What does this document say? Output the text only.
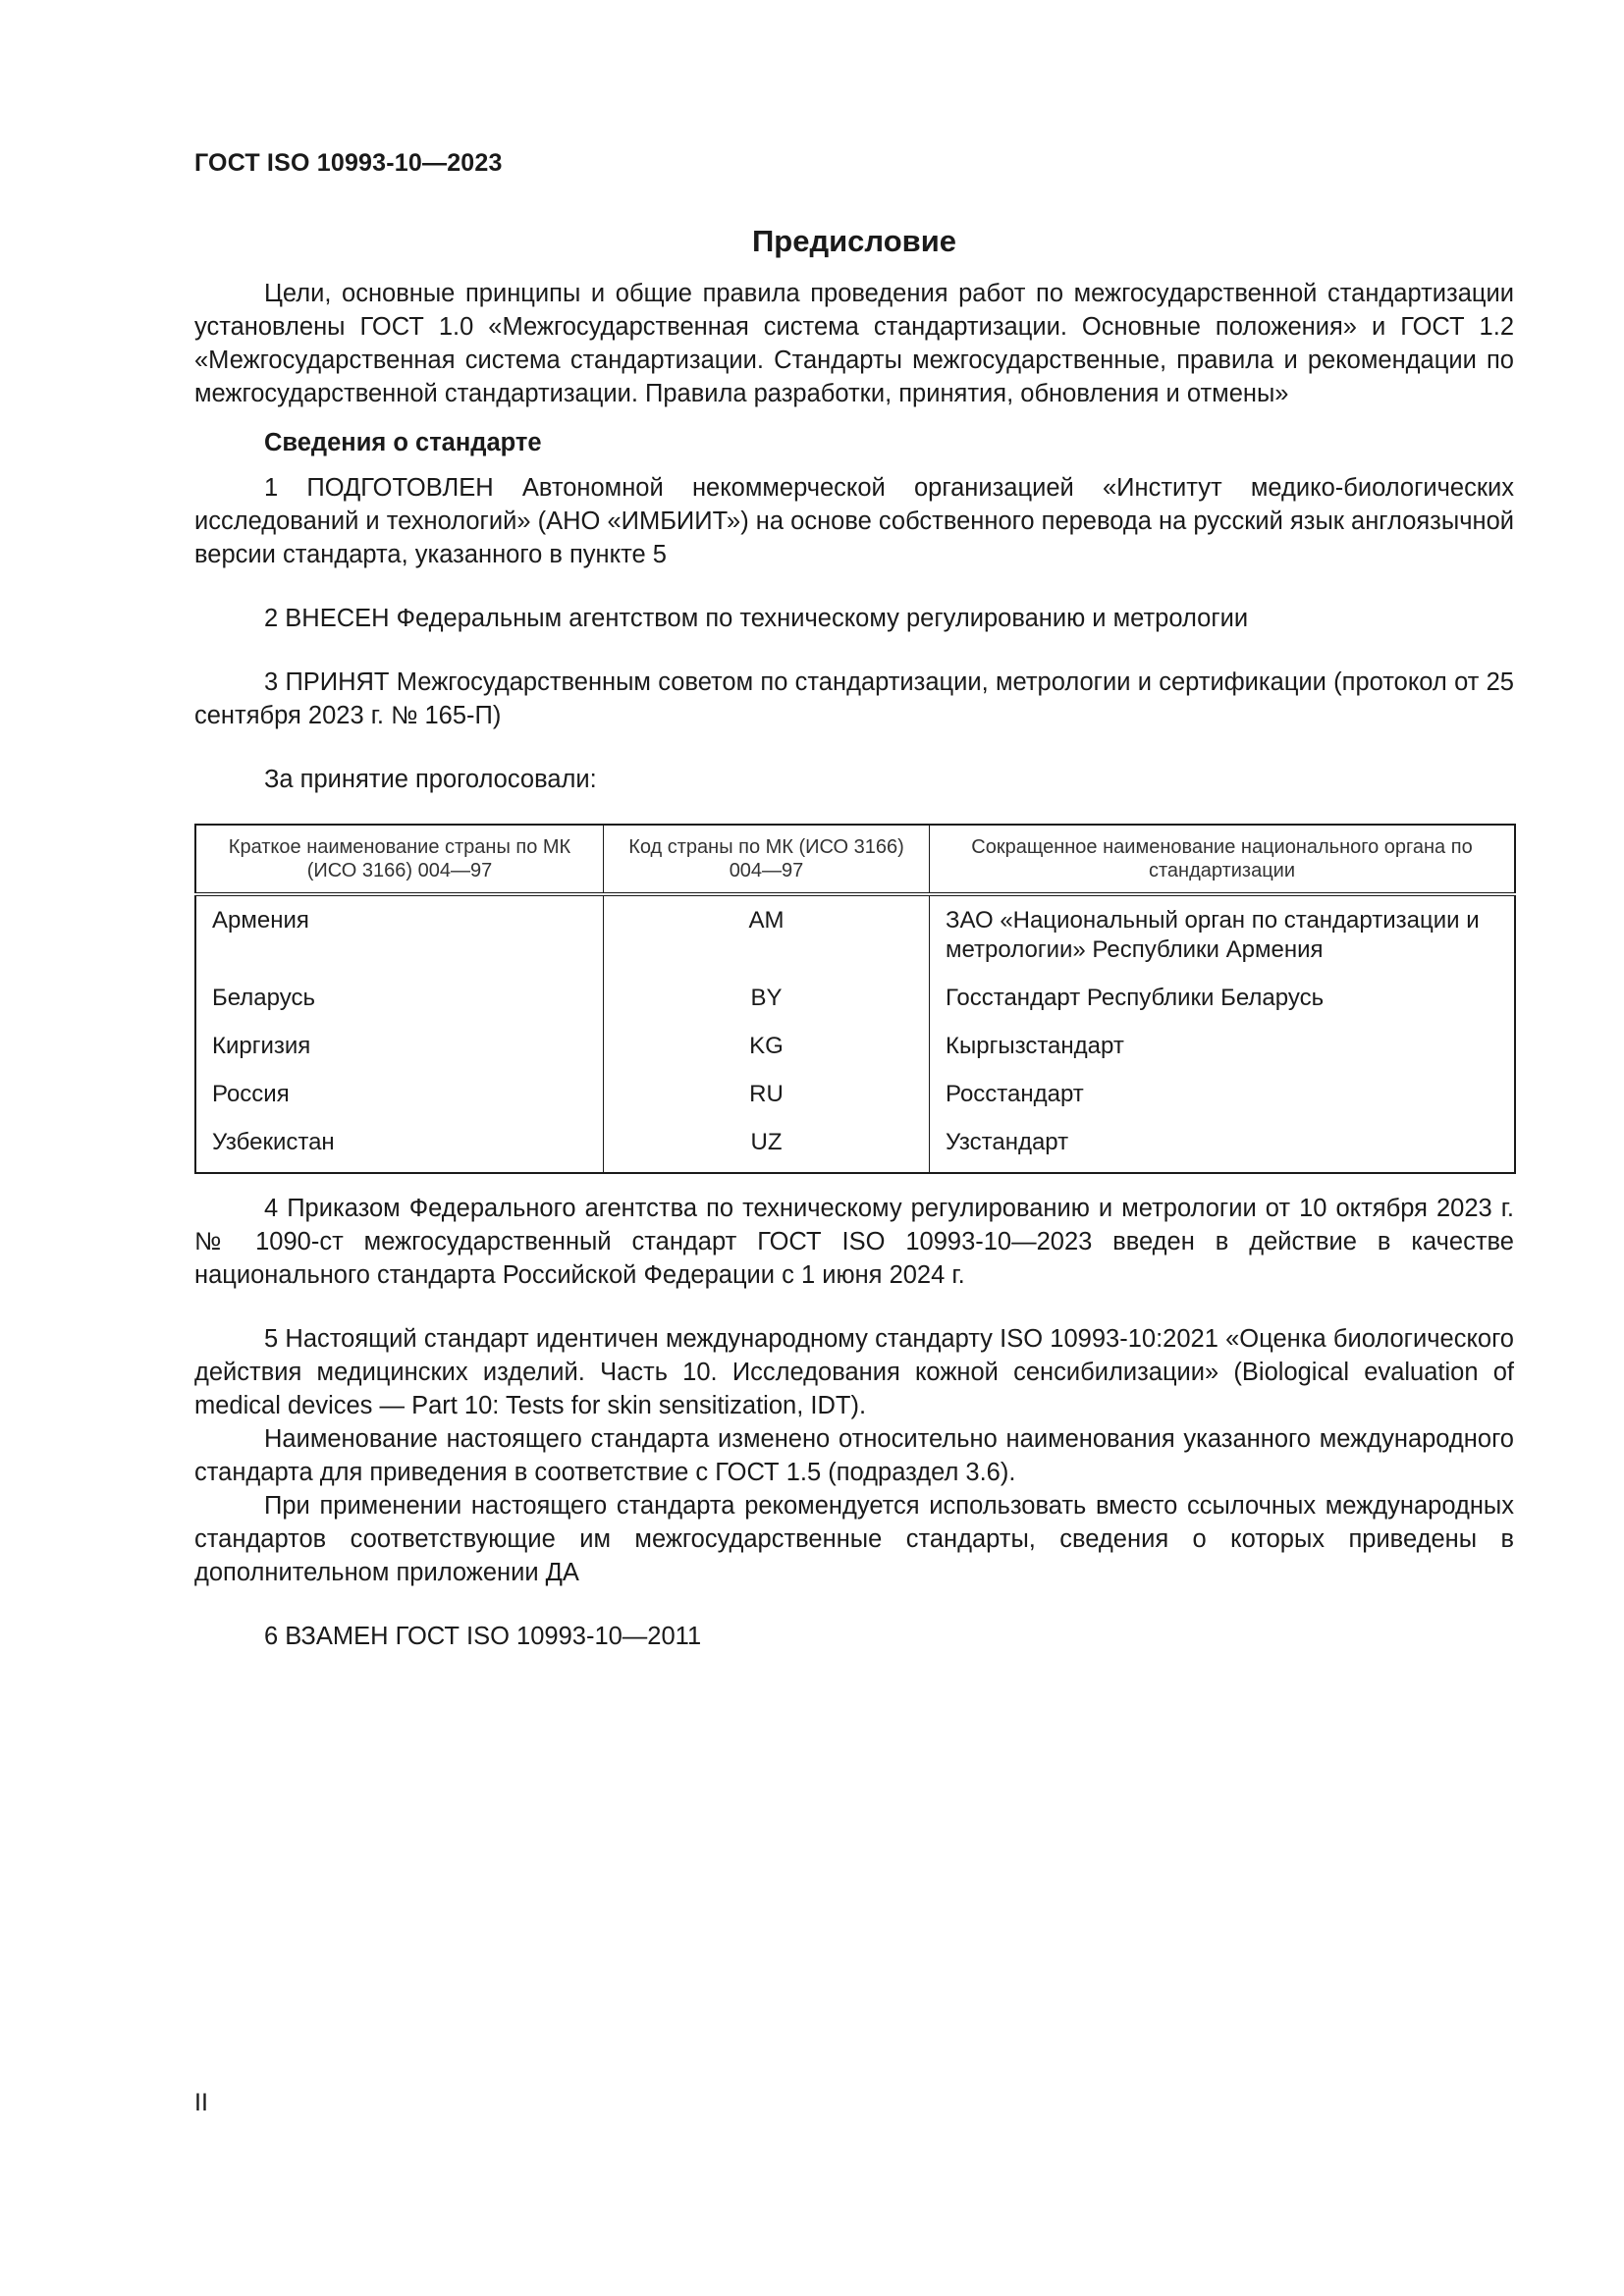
ГОСТ ISO 10993-10—2023
Предисловие

Цели, основные принципы и общие правила проведения работ по межгосударственной стандартизации установлены ГОСТ 1.0 «Межгосударственная система стандартизации. Основные положения» и ГОСТ 1.2 «Межгосударственная система стандартизации. Стандарты межгосударственные, правила и рекомендации по межгосударственной стандартизации. Правила разработки, принятия, обновления и отмены»

Сведения о стандарте

1 ПОДГОТОВЛЕН Автономной некоммерческой организацией «Институт медико-биологических исследований и технологий» (АНО «ИМБИИТ») на основе собственного перевода на русский язык англоязычной версии стандарта, указанного в пункте 5

2 ВНЕСЕН Федеральным агентством по техническому регулированию и метрологии

3 ПРИНЯТ Межгосударственным советом по стандартизации, метрологии и сертификации (протокол от 25 сентября 2023 г. № 165-П)

За принятие проголосовали:

Краткое наименование страны по МК (ИСО 3166) 004—97	Код страны по МК (ИСО 3166) 004—97	Сокращенное наименование национального органа по стандартизации
Армения	AM	ЗАО «Национальный орган по стандартизации и метрологии» Республики Армения
Беларусь	BY	Госстандарт Республики Беларусь
Киргизия	KG	Кыргызстандарт
Россия	RU	Росстандарт
Узбекистан	UZ	Узстандарт

4 Приказом Федерального агентства по техническому регулированию и метрологии от 10 октября 2023 г. № 1090-ст межгосударственный стандарт ГОСТ ISO 10993-10—2023 введен в действие в качестве национального стандарта Российской Федерации с 1 июня 2024 г.

5 Настоящий стандарт идентичен международному стандарту ISO 10993-10:2021 «Оценка биологического действия медицинских изделий. Часть 10. Исследования кожной сенсибилизации» (Biological evaluation of medical devices — Part 10: Tests for skin sensitization, IDT).

Наименование настоящего стандарта изменено относительно наименования указанного международного стандарта для приведения в соответствие с ГОСТ 1.5 (подраздел 3.6).

При применении настоящего стандарта рекомендуется использовать вместо ссылочных международных стандартов соответствующие им межгосударственные стандарты, сведения о которых приведены в дополнительном приложении ДА

6 ВЗАМЕН ГОСТ ISO 10993-10—2011

II
